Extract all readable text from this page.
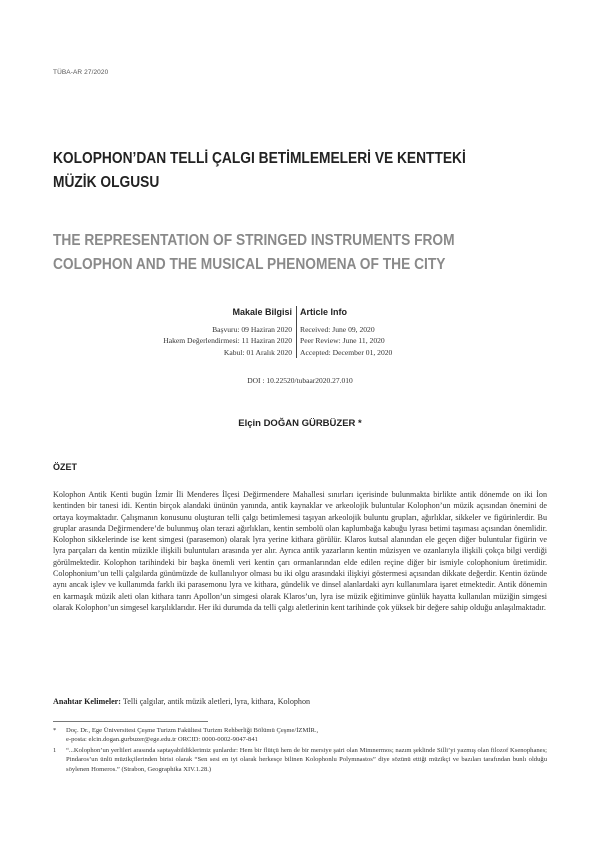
TÜBA-AR 27/2020
KOLOPHON’DAN TELLİ ÇALGI BETİMLEMELERİ VE KENTTEKİ
MÜZİK OLGUSU
THE REPRESENTATION OF STRINGED INSTRUMENTS FROM
COLOPHON AND THE MUSICAL PHENOMENA OF THE CITY
Makale Bilgisi
Başvuru: 09 Haziran 2020
Hakem Değerlendirmesi: 11 Haziran 2020
Kabul: 01 Aralık 2020
Article Info
Received: June 09, 2020
Peer Review: June 11, 2020
Accepted: December 01, 2020
DOI : 10.22520/tubaar2020.27.010
Elçin DOĞAN GÜRBÜZER *
ÖZET

Kolophon Antik Kenti bugün İzmir İli Menderes İlçesi Değirmendere Mahallesi sınırları içerisinde bulunmakta birlikte antik dönemde on iki İon kentinden bir tanesi idi. Kentin birçok alandaki ününün yanında, antik kaynaklar ve arkeolojik buluntular Kolophon’un müzik açısından önemini de ortaya koymaktadır. Çalışmanın konusunu oluşturan telli çalgı betimlemesi taşıyan arkeolojik buluntu grupları, ağırlıklar, sikkeler ve figürinlerdir. Bu gruplar arasında Değirmendere’de bulunmuş olan terazi ağırlıkları, kentin sembolü olan kaplumbağa kabuğu lyrası betimi taşıması açısından önemlidir. Kolophon sikkelerinde ise kent simgesi (parasemon) olarak lyra yerine kithara görülür. Klaros kutsal alanından ele geçen diğer buluntular figürin ve lyra parçaları da kentin müzikle ilişkili buluntuları arasında yer alır. Ayrıca antik yazarların kentin müzisyen ve ozanlarıyla ilişkili çokça bilgi verdiği görülmektedir. Kolophon tarihindeki bir başka önemli veri kentin çarı ormanlarından elde edilen reçine diğer bir ismiyle colophonium üretimidir. Colophonium’un telli çalgılarda günümüzde de kullanılıyor olması bu iki olgu arasındaki ilişkiyi göstermesi açısından dikkate değerdir. Kentin özünde aynı ancak işlev ve kullanımda farklı iki parasemonu lyra ve kithara, gündelik ve dinsel alanlardaki ayrı kullanımlara işaret etmektedir. Antik dönemin en karmaşık müzik aleti olan kithara tanrı Apollon’un simgesi olarak Klaros’un, lyra ise müzik eğitiminve günlük hayatta kullanılan müziğin simgesi olarak Kolophon’un simgesel karşılıklarıdır. Her iki durumda da telli çalgı aletlerinin kent tarihinde çok yüksek bir değere sahip olduğu anlaşılmaktadır.

Anahtar Kelimeler: Telli çalgılar, antik müzik aletleri, lyra, kithara, Kolophon
*	Doç. Dr., Ege Üniversitesi Çeşme Turizm Fakültesi Turizm Rehberliği Bölümü Çeşme/İZMİR.,
e-posta: elcin.dogan.gurbuzer@ege.edu.tr ORCID: 0000-0002-9047-841
1	“...Kolophon’un yerlileri arasında saptayabildiklerimiz şunlardır: Hem bir flütçü hem de bir mersiye şairi olan Mimnermos; nazım şeklinde Silli’yi yazmış olan filozof Ksenophanes; Pindaros’un ünlü müzikçilerinden birisi olarak “Sen sesi en iyi olarak herkesçe bilinen Kolophonlu Polymnastos” diye sözünü ettiği müzikçi ve bazıları tarafından bunlı olduğu söylenen Homeros.” (Strabon, Geographika XIV.1.28.)
